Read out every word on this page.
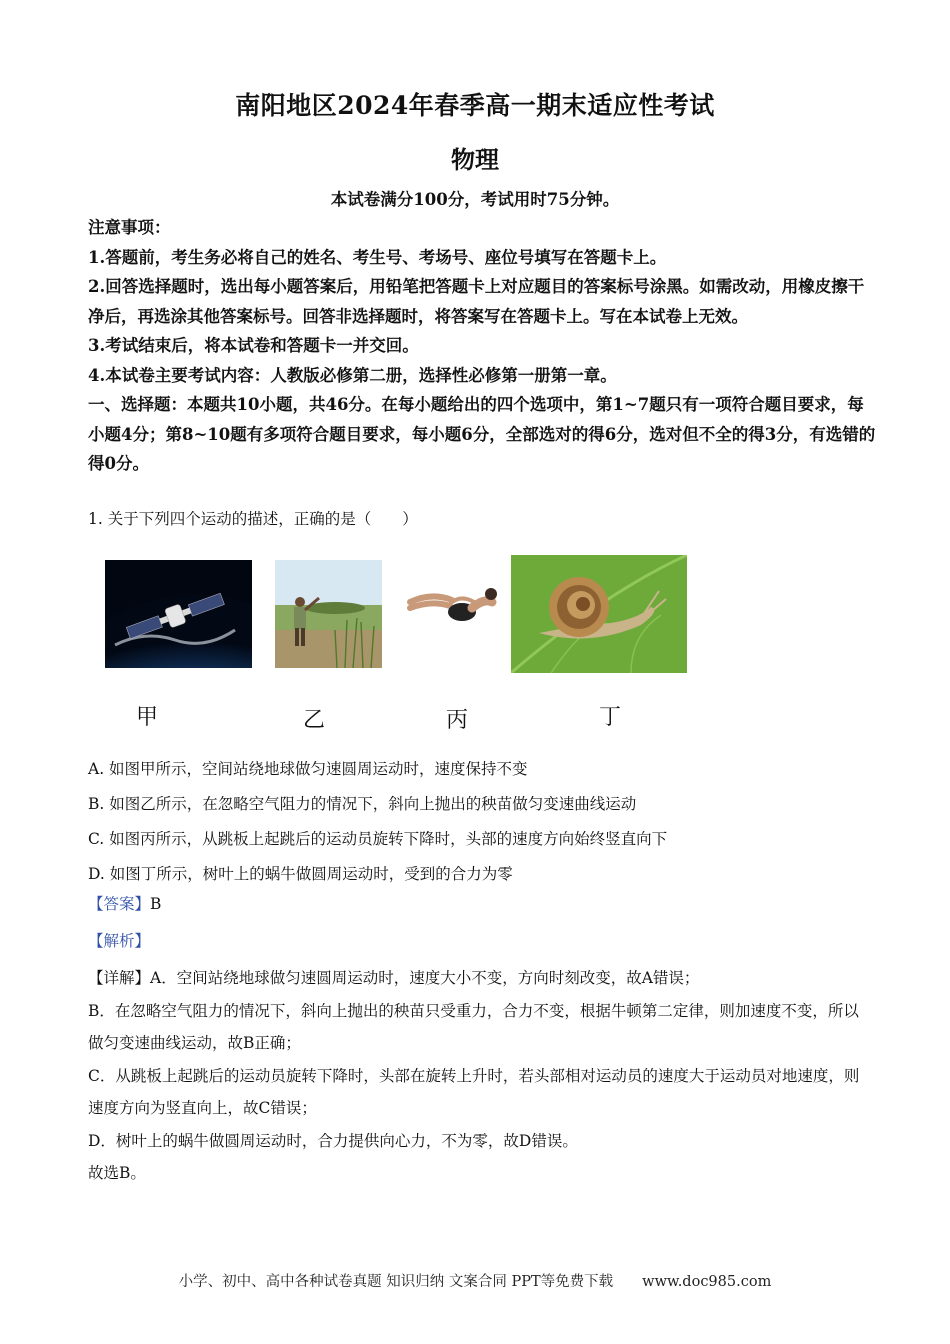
南阳地区2024年春季高一期末适应性考试
物理
本试卷满分100分，考试用时75分钟。

注意事项：

1.答题前，考生务必将自己的姓名、考生号、考场号、座位号填写在答题卡上。

2.回答选择题时，选出每小题答案后，用铅笔把答题卡上对应题目的答案标号涂黑。如需改动，用橡皮擦干净后，再选涂其他答案标号。回答非选择题时，将答案写在答题卡上。写在本试卷上无效。

3.考试结束后，将本试卷和答题卡一并交回。

4.本试卷主要考试内容：人教版必修第二册，选择性必修第一册第一章。

一、选择题：本题共10小题，共46分。在每小题给出的四个选项中，第1~7题只有一项符合题目要求，每小题4分；第8~10题有多项符合题目要求，每小题6分，全部选对的得6分，选对但不全的得3分，有选错的得0分。

1. 关于下列四个运动的描述，正确的是（　　）
甲	乙	丙	丁

A. 如图甲所示，空间站绕地球做匀速圆周运动时，速度保持不变

B. 如图乙所示，在忽略空气阻力的情况下，斜向上抛出的秧苗做匀变速曲线运动

C. 如图丙所示，从跳板上起跳后的运动员旋转下降时，头部的速度方向始终竖直向下

D. 如图丁所示，树叶上的蜗牛做圆周运动时，受到的合力为零

【答案】B
【解析】

【详解】A．空间站绕地球做匀速圆周运动时，速度大小不变，方向时刻改变，故A错误；

B．在忽略空气阻力的情况下，斜向上抛出的秧苗只受重力，合力不变，根据牛顿第二定律，则加速度不变，所以做匀变速曲线运动，故B正确；

C．从跳板上起跳后的运动员旋转下降时，头部在旋转上升时，若头部相对运动员的速度大于运动员对地速度，则速度方向为竖直向上，故C错误；

D．树叶上的蜗牛做圆周运动时，合力提供向心力，不为零，故D错误。

故选B。

小学、初中、高中各种试卷真题 知识归纳 文案合同 PPT等免费下载　　www.doc985.com
